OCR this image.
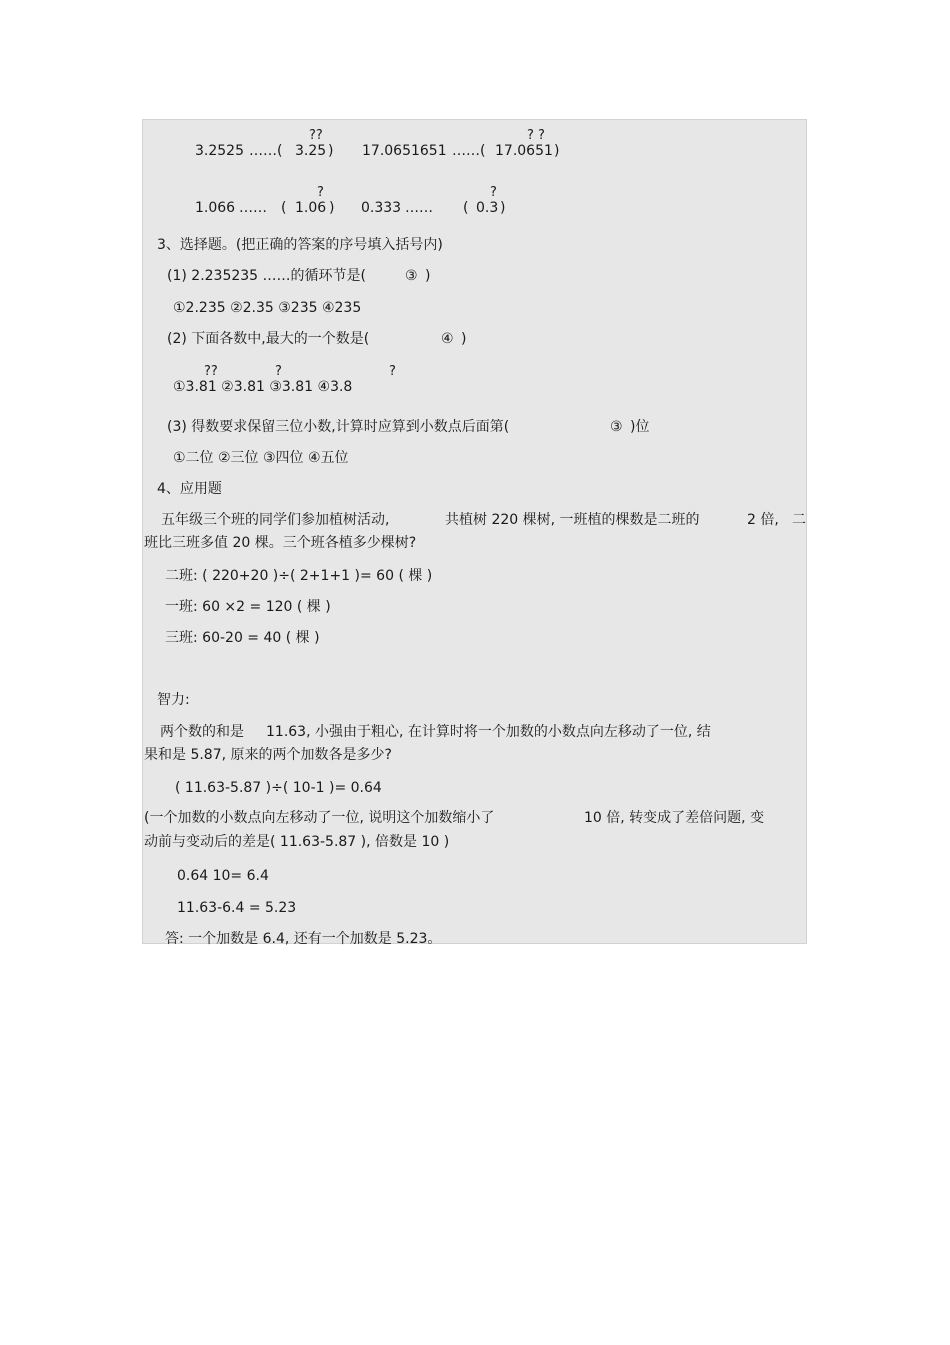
??
3.2525 ……( 3.25 )
? ?
17.0651651 ……( 17.0651 )
?
1.066 …… ( 1.06 )
?
0.333 …… ( 0.3 )
3、选择题。(把正确的答案的序号填入括号内)
(1) 2.235235 ……的循环节是(	③ )
①2.235 ②2.35 ③235 ④235
(2) 下面各数中,最大的一个数是(	④ )
??	?	?
①3.81 ②3.81 ③3.81 ④3.8
(3) 得数要求保留三位小数,计算时应算到小数点后面第(	③ )位
①二位 ②三位 ③四位 ④五位
4、应用题
五年级三个班的同学们参加植树活动,	共植树 220 棵树, 一班植的棵数是二班的	2 倍, 二
班比三班多值 20 棵。三个班各植多少棵树?
二班: ( 220+20 )÷( 2+1+1 )= 60 ( 棵 )
一班: 60 ×2 = 120 ( 棵 )
三班: 60-20 = 40 ( 棵 )
智力:
两个数的和是 11.63, 小强由于粗心, 在计算时将一个加数的小数点向左移动了一位, 结
果和是 5.87, 原来的两个加数各是多少?
( 11.63-5.87 )÷( 10-1 )= 0.64
(一个加数的小数点向左移动了一位, 说明这个加数缩小了	10 倍, 转变成了差倍问题, 变
动前与变动后的差是( 11.63-5.87 ), 倍数是 10 )
0.64 10= 6.4
11.63-6.4 = 5.23
答: 一个加数是 6.4, 还有一个加数是 5.23。
